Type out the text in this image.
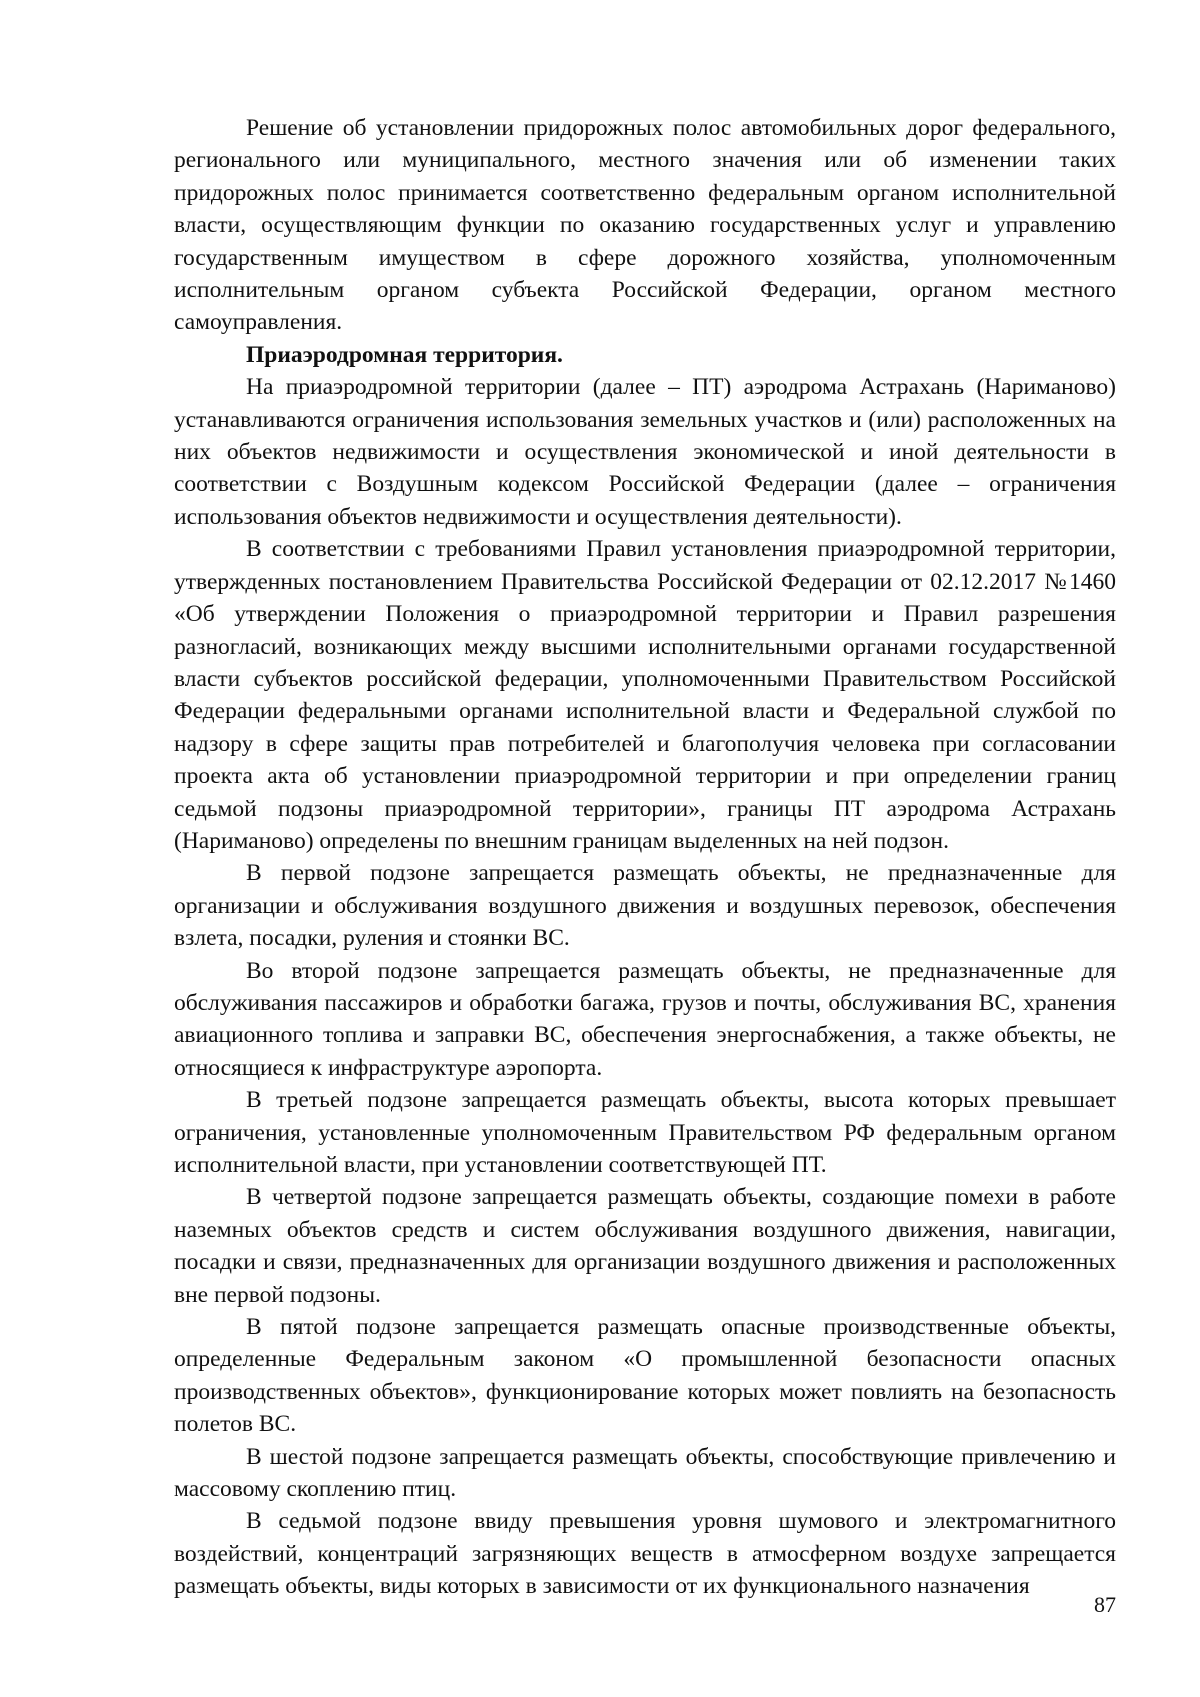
Решение об установлении придорожных полос автомобильных дорог федерального, регионального или муниципального, местного значения или об изменении таких придорожных полос принимается соответственно федеральным органом исполнительной власти, осуществляющим функции по оказанию государственных услуг и управлению государственным имуществом в сфере дорожного хозяйства, уполномоченным исполнительным органом субъекта Российской Федерации, органом местного самоуправления.

Приаэродромная территория.

На приаэродромной территории (далее – ПТ) аэродрома Астрахань (Нариманово) устанавливаются ограничения использования земельных участков и (или) расположенных на них объектов недвижимости и осуществления экономической и иной деятельности в соответствии с Воздушным кодексом Российской Федерации (далее – ограничения использования объектов недвижимости и осуществления деятельности).

В соответствии с требованиями Правил установления приаэродромной территории, утвержденных постановлением Правительства Российской Федерации от 02.12.2017 №1460 «Об утверждении Положения о приаэродромной территории и Правил разрешения разногласий, возникающих между высшими исполнительными органами государственной власти субъектов российской федерации, уполномоченными Правительством Российской Федерации федеральными органами исполнительной власти и Федеральной службой по надзору в сфере защиты прав потребителей и благополучия человека при согласовании проекта акта об установлении приаэродромной территории и при определении границ седьмой подзоны приаэродромной территории», границы ПТ аэродрома Астрахань (Нариманово) определены по внешним границам выделенных на ней подзон.

В первой подзоне запрещается размещать объекты, не предназначенные для организации и обслуживания воздушного движения и воздушных перевозок, обеспечения взлета, посадки, руления и стоянки ВС.

Во второй подзоне запрещается размещать объекты, не предназначенные для обслуживания пассажиров и обработки багажа, грузов и почты, обслуживания ВС, хранения авиационного топлива и заправки ВС, обеспечения энергоснабжения, а также объекты, не относящиеся к инфраструктуре аэропорта.

В третьей подзоне запрещается размещать объекты, высота которых превышает ограничения, установленные уполномоченным Правительством РФ федеральным органом исполнительной власти, при установлении соответствующей ПТ.

В четвертой подзоне запрещается размещать объекты, создающие помехи в работе наземных объектов средств и систем обслуживания воздушного движения, навигации, посадки и связи, предназначенных для организации воздушного движения и расположенных вне первой подзоны.

В пятой подзоне запрещается размещать опасные производственные объекты, определенные Федеральным законом «О промышленной безопасности опасных производственных объектов», функционирование которых может повлиять на безопасность полетов ВС.

В шестой подзоне запрещается размещать объекты, способствующие привлечению и массовому скоплению птиц.

В седьмой подзоне ввиду превышения уровня шумового и электромагнитного воздействий, концентраций загрязняющих веществ в атмосферном воздухе запрещается размещать объекты, виды которых в зависимости от их функционального назначения

87
